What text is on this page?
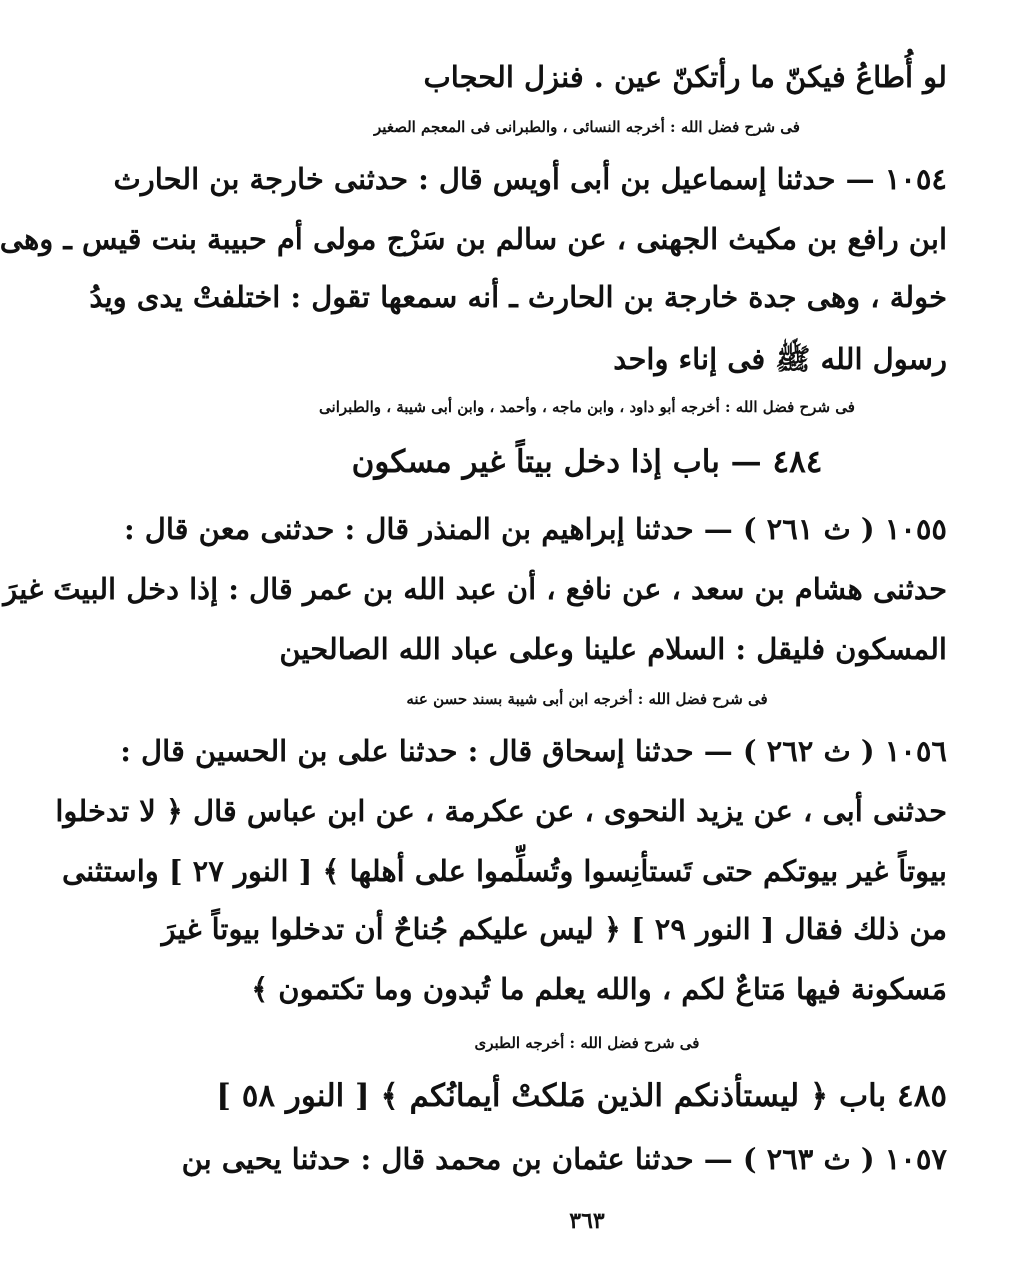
لو أُطاعُ فيكنّ ما رأتكنّ عين . فنزل الحجاب
فى شرح فضل الله : أخرجه النسائى ، والطبرانى فى المعجم الصغير
١٠٥٤ — حدثنا إسماعيل بن أبى أويس قال : حدثنى خارجة بن الحارث
ابن رافع بن مكيث الجهنى ، عن سالم بن سَرْج مولى أم حبيبة بنت قيس ـ وهى
خولة ، وهى جدة خارجة بن الحارث ـ أنه سمعها تقول : اختلفتْ يدى ويدُ
رسول الله ﷺ فى إناء واحد
فى شرح فضل الله : أخرجه أبو داود ، وابن ماجه ، وأحمد ، وابن أبى شيبة ، والطبرانى
٤٨٤ — باب إذا دخل بيتاً غير مسكون
١٠٥٥ ( ث ٢٦١ ) — حدثنا إبراهيم بن المنذر قال : حدثنى معن قال :
حدثنى هشام بن سعد ، عن نافع ، أن عبد الله بن عمر قال : إذا دخل البيتَ غيرَ
المسكون فليقل : السلام علينا وعلى عباد الله الصالحين
فى شرح فضل الله : أخرجه ابن أبى شيبة بسند حسن عنه
١٠٥٦ ( ث ٢٦٢ ) — حدثنا إسحاق قال : حدثنا على بن الحسين قال :
حدثنى أبى ، عن يزيد النحوى ، عن عكرمة ، عن ابن عباس قال ﴿ لا تدخلوا
بيوتاً غير بيوتكم حتى تَستأنِسوا وتُسلِّموا على أهلها ﴾ [ النور ٢٧ ] واستثنى
من ذلك فقال [ النور ٢٩ ] ﴿ ليس عليكم جُناحٌ أن تدخلوا بيوتاً غيرَ
مَسكونة فيها مَتاعٌ لكم ، والله يعلم ما تُبدون وما تكتمون ﴾
فى شرح فضل الله : أخرجه الطبرى
٤٨٥ باب ﴿ ليستأذنكم الذين مَلكتْ أيمانُكم ﴾ [ النور ٥٨ ]
١٠٥٧ ( ث ٢٦٣ ) — حدثنا عثمان بن محمد قال : حدثنا يحيى بن
٣٦٣
